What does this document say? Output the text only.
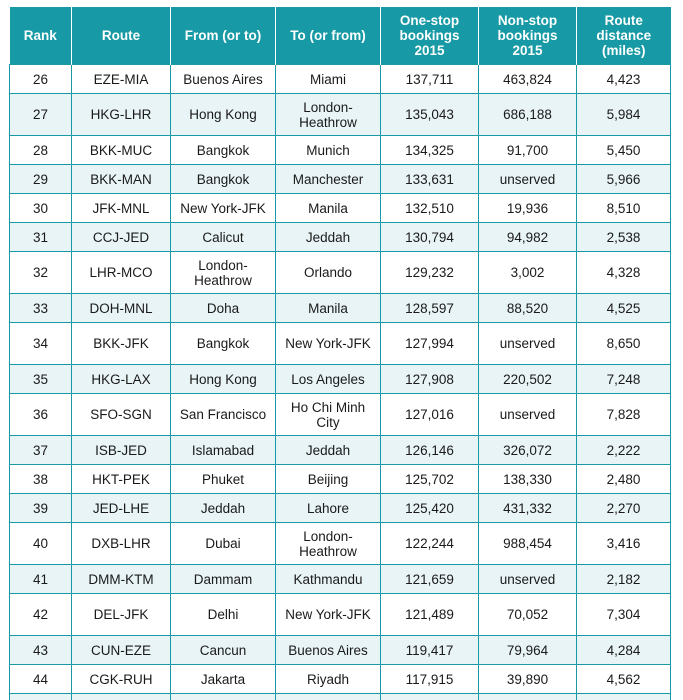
Rank	Route	From (or to)	To (or from)	One-stop bookings 2015	Non-stop bookings 2015	Route distance (miles)
26	EZE-MIA	Buenos Aires	Miami	137,711	463,824	4,423
27	HKG-LHR	Hong Kong	London-Heathrow	135,043	686,188	5,984
28	BKK-MUC	Bangkok	Munich	134,325	91,700	5,450
29	BKK-MAN	Bangkok	Manchester	133,631	unserved	5,966
30	JFK-MNL	New York-JFK	Manila	132,510	19,936	8,510
31	CCJ-JED	Calicut	Jeddah	130,794	94,982	2,538
32	LHR-MCO	London-Heathrow	Orlando	129,232	3,002	4,328
33	DOH-MNL	Doha	Manila	128,597	88,520	4,525
34	BKK-JFK	Bangkok	New York-JFK	127,994	unserved	8,650
35	HKG-LAX	Hong Kong	Los Angeles	127,908	220,502	7,248
36	SFO-SGN	San Francisco	Ho Chi Minh City	127,016	unserved	7,828
37	ISB-JED	Islamabad	Jeddah	126,146	326,072	2,222
38	HKT-PEK	Phuket	Beijing	125,702	138,330	2,480
39	JED-LHE	Jeddah	Lahore	125,420	431,332	2,270
40	DXB-LHR	Dubai	London-Heathrow	122,244	988,454	3,416
41	DMM-KTM	Dammam	Kathmandu	121,659	unserved	2,182
42	DEL-JFK	Delhi	New York-JFK	121,489	70,052	7,304
43	CUN-EZE	Cancun	Buenos Aires	119,417	79,964	4,284
44	CGK-RUH	Jakarta	Riyadh	117,915	39,890	4,562
